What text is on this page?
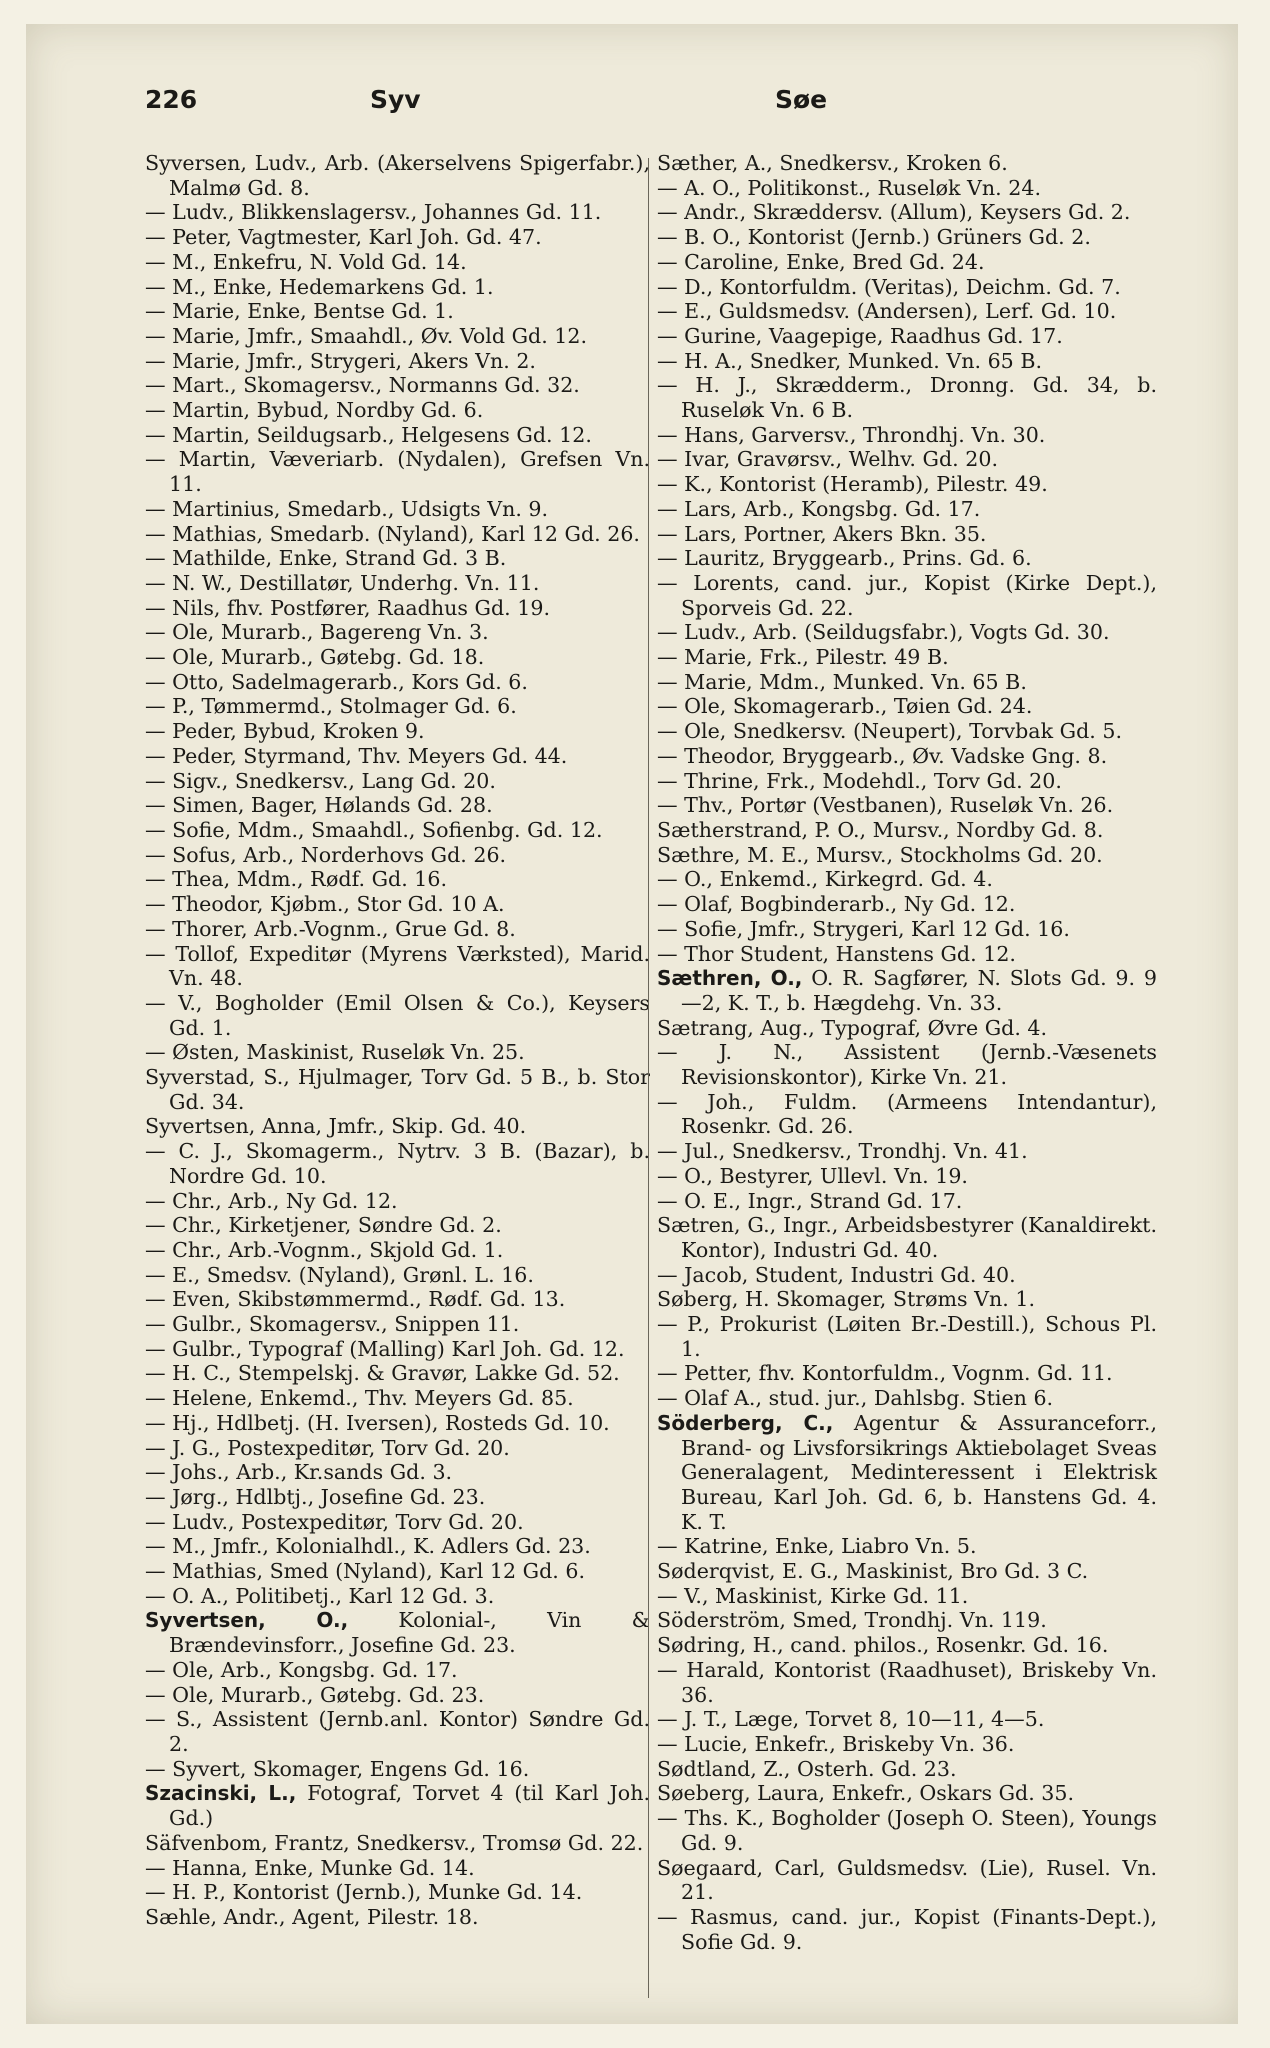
226	Syv	Søe
Syversen, Ludv., Arb. (Akerselvens Spigerfabr.), Malmø Gd. 8.
— Ludv., Blikkenslagersv., Johannes Gd. 11.
— Peter, Vagtmester, Karl Joh. Gd. 47.
— M., Enkefru, N. Vold Gd. 14.
— M., Enke, Hedemarkens Gd. 1.
— Marie, Enke, Bentse Gd. 1.
— Marie, Jmfr., Smaahdl., Øv. Vold Gd. 12.
— Marie, Jmfr., Strygeri, Akers Vn. 2.
— Mart., Skomagersv., Normanns Gd. 32.
— Martin, Bybud, Nordby Gd. 6.
— Martin, Seildugsarb., Helgesens Gd. 12.
— Martin, Væveriarb. (Nydalen), Grefsen Vn. 11.
— Martinius, Smedarb., Udsigts Vn. 9.
— Mathias, Smedarb. (Nyland), Karl 12 Gd. 26.
— Mathilde, Enke, Strand Gd. 3 B.
— N. W., Destillatør, Underhg. Vn. 11.
— Nils, fhv. Postfører, Raadhus Gd. 19.
— Ole, Murarb., Bagereng Vn. 3.
— Ole, Murarb., Gøtebg. Gd. 18.
— Otto, Sadelmagerarb., Kors Gd. 6.
— P., Tømmermd., Stolmager Gd. 6.
— Peder, Bybud, Kroken 9.
— Peder, Styrmand, Thv. Meyers Gd. 44.
— Sigv., Snedkersv., Lang Gd. 20.
— Simen, Bager, Hølands Gd. 28.
— Sofie, Mdm., Smaahdl., Sofienbg. Gd. 12.
— Sofus, Arb., Norderhovs Gd. 26.
— Thea, Mdm., Rødf. Gd. 16.
— Theodor, Kjøbm., Stor Gd. 10 A.
— Thorer, Arb.-Vognm., Grue Gd. 8.
— Tollof, Expeditør (Myrens Værksted), Marid. Vn. 48.
— V., Bogholder (Emil Olsen & Co.), Keysers Gd. 1.
— Østen, Maskinist, Ruseløk Vn. 25.
Syverstad, S., Hjulmager, Torv Gd. 5 B., b. Stor Gd. 34.
Syvertsen, Anna, Jmfr., Skip. Gd. 40.
— C. J., Skomagerm., Nytrv. 3 B. (Bazar), b. Nordre Gd. 10.
— Chr., Arb., Ny Gd. 12.
— Chr., Kirketjener, Søndre Gd. 2.
— Chr., Arb.-Vognm., Skjold Gd. 1.
— E., Smedsv. (Nyland), Grønl. L. 16.
— Even, Skibstømmermd., Rødf. Gd. 13.
— Gulbr., Skomagersv., Snippen 11.
— Gulbr., Typograf (Malling) Karl Joh. Gd. 12.
— H. C., Stempelskj. & Gravør, Lakke Gd. 52.
— Helene, Enkemd., Thv. Meyers Gd. 85.
— Hj., Hdlbetj. (H. Iversen), Rosteds Gd. 10.
— J. G., Postexpeditør, Torv Gd. 20.
— Johs., Arb., Kr.sands Gd. 3.
— Jørg., Hdlbtj., Josefine Gd. 23.
— Ludv., Postexpeditør, Torv Gd. 20.
— M., Jmfr., Kolonialhdl., K. Adlers Gd. 23.
— Mathias, Smed (Nyland), Karl 12 Gd. 6.
— O. A., Politibetj., Karl 12 Gd. 3.
Syvertsen, O., Kolonial-, Vin & Brændevinsforr., Josefine Gd. 23.
— Ole, Arb., Kongsbg. Gd. 17.
— Ole, Murarb., Gøtebg. Gd. 23.
— S., Assistent (Jernb.anl. Kontor) Søndre Gd. 2.
— Syvert, Skomager, Engens Gd. 16.
Szacinski, L., Fotograf, Torvet 4 (til Karl Joh. Gd.)
Säfvenbom, Frantz, Snedkersv., Tromsø Gd. 22.
— Hanna, Enke, Munke Gd. 14.
— H. P., Kontorist (Jernb.), Munke Gd. 14.
Sæhle, Andr., Agent, Pilestr. 18.
Sæther, A., Snedkersv., Kroken 6.
— A. O., Politikonst., Ruseløk Vn. 24.
— Andr., Skræddersv. (Allum), Keysers Gd. 2.
— B. O., Kontorist (Jernb.) Grüners Gd. 2.
— Caroline, Enke, Bred Gd. 24.
— D., Kontorfuldm. (Veritas), Deichm. Gd. 7.
— E., Guldsmedsv. (Andersen), Lerf. Gd. 10.
— Gurine, Vaagepige, Raadhus Gd. 17.
— H. A., Snedker, Munked. Vn. 65 B.
— H. J., Skrædderm., Dronng. Gd. 34, b. Ruseløk Vn. 6 B.
— Hans, Garversv., Throndhj. Vn. 30.
— Ivar, Gravørsv., Welhv. Gd. 20.
— K., Kontorist (Heramb), Pilestr. 49.
— Lars, Arb., Kongsbg. Gd. 17.
— Lars, Portner, Akers Bkn. 35.
— Lauritz, Bryggearb., Prins. Gd. 6.
— Lorents, cand. jur., Kopist (Kirke Dept.), Sporveis Gd. 22.
— Ludv., Arb. (Seildugsfabr.), Vogts Gd. 30.
— Marie, Frk., Pilestr. 49 B.
— Marie, Mdm., Munked. Vn. 65 B.
— Ole, Skomagerarb., Tøien Gd. 24.
— Ole, Snedkersv. (Neupert), Torvbak Gd. 5.
— Theodor, Bryggearb., Øv. Vadske Gng. 8.
— Thrine, Frk., Modehdl., Torv Gd. 20.
— Thv., Portør (Vestbanen), Ruseløk Vn. 26.
Sætherstrand, P. O., Mursv., Nordby Gd. 8.
Sæthre, M. E., Mursv., Stockholms Gd. 20.
— O., Enkemd., Kirkegrd. Gd. 4.
— Olaf, Bogbinderarb., Ny Gd. 12.
— Sofie, Jmfr., Strygeri, Karl 12 Gd. 16.
— Thor Student, Hanstens Gd. 12.
Sæthren, O., O. R. Sagfører, N. Slots Gd. 9. 9—2, K. T., b. Hægdehg. Vn. 33.
Sætrang, Aug., Typograf, Øvre Gd. 4.
— J. N., Assistent (Jernb.-Væsenets Revisionskontor), Kirke Vn. 21.
— Joh., Fuldm. (Armeens Intendantur), Rosenkr. Gd. 26.
— Jul., Snedkersv., Trondhj. Vn. 41.
— O., Bestyrer, Ullevl. Vn. 19.
— O. E., Ingr., Strand Gd. 17.
Sætren, G., Ingr., Arbeidsbestyrer (Kanaldirekt. Kontor), Industri Gd. 40.
— Jacob, Student, Industri Gd. 40.
Søberg, H. Skomager, Strøms Vn. 1.
— P., Prokurist (Løiten Br.-Destill.), Schous Pl. 1.
— Petter, fhv. Kontorfuldm., Vognm. Gd. 11.
— Olaf A., stud. jur., Dahlsbg. Stien 6.
Söderberg, C., Agentur & Assuranceforr., Brand- og Livsforsikrings Aktiebolaget Sveas Generalagent, Medinteressent i Elektrisk Bureau, Karl Joh. Gd. 6, b. Hanstens Gd. 4. K. T.
— Katrine, Enke, Liabro Vn. 5.
Søderqvist, E. G., Maskinist, Bro Gd. 3 C.
— V., Maskinist, Kirke Gd. 11.
Söderström, Smed, Trondhj. Vn. 119.
Sødring, H., cand. philos., Rosenkr. Gd. 16.
— Harald, Kontorist (Raadhuset), Briskeby Vn. 36.
— J. T., Læge, Torvet 8, 10—11, 4—5.
— Lucie, Enkefr., Briskeby Vn. 36.
Sødtland, Z., Osterh. Gd. 23.
Søeberg, Laura, Enkefr., Oskars Gd. 35.
— Ths. K., Bogholder (Joseph O. Steen), Youngs Gd. 9.
Søegaard, Carl, Guldsmedsv. (Lie), Rusel. Vn. 21.
— Rasmus, cand. jur., Kopist (Finants-Dept.), Sofie Gd. 9.
